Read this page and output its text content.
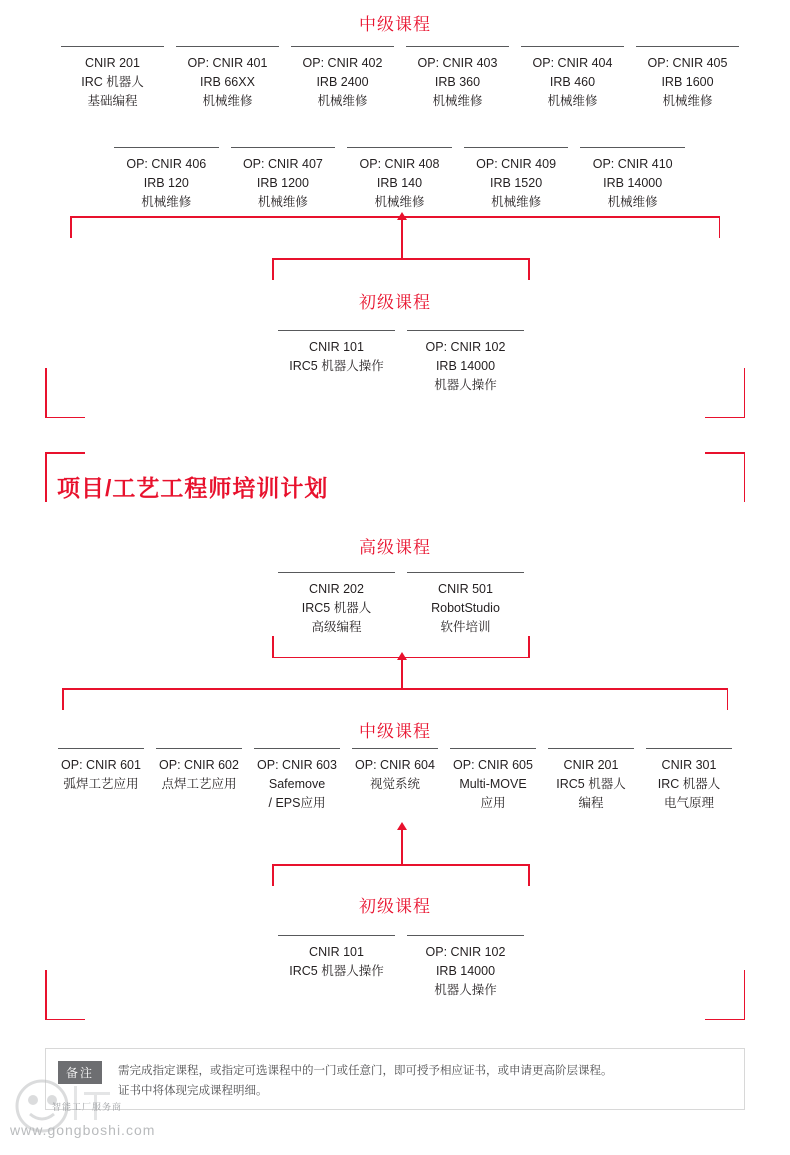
中级课程
CNIR 201
IRC 机器人
基础编程
OP: CNIR 401
IRB 66XX
机械维修
OP: CNIR 402
IRB 2400
机械维修
OP: CNIR 403
IRB 360
机械维修
OP: CNIR 404
IRB 460
机械维修
OP: CNIR 405
IRB 1600
机械维修
OP: CNIR 406
IRB 120
机械维修
OP: CNIR 407
IRB 1200
机械维修
OP: CNIR 408
IRB 140
机械维修
OP: CNIR 409
IRB 1520
机械维修
OP: CNIR 410
IRB 14000
机械维修
初级课程
CNIR 101
IRC5 机器人操作
OP: CNIR 102
IRB 14000
机器人操作
项目/工艺工程师培训计划
高级课程
CNIR 202
IRC5 机器人
高级编程
CNIR 501
RobotStudio
软件培训
中级课程
OP: CNIR 601
弧焊工艺应用
OP: CNIR 602
点焊工艺应用
OP: CNIR 603
Safemove
/ EPS应用
OP: CNIR 604
视觉系统
OP: CNIR 605
Multi-MOVE
应用
CNIR 201
IRC5 机器人
编程
CNIR 301
IRC 机器人
电气原理
初级课程
CNIR 101
IRC5 机器人操作
OP: CNIR 102
IRB 14000
机器人操作
备注	需完成指定课程，或指定可选课程中的一门或任意门，即可授予相应证书，或申请更高阶层课程。
证书中将体现完成课程明细。
智能工厂服务商
www.gongboshi.com
